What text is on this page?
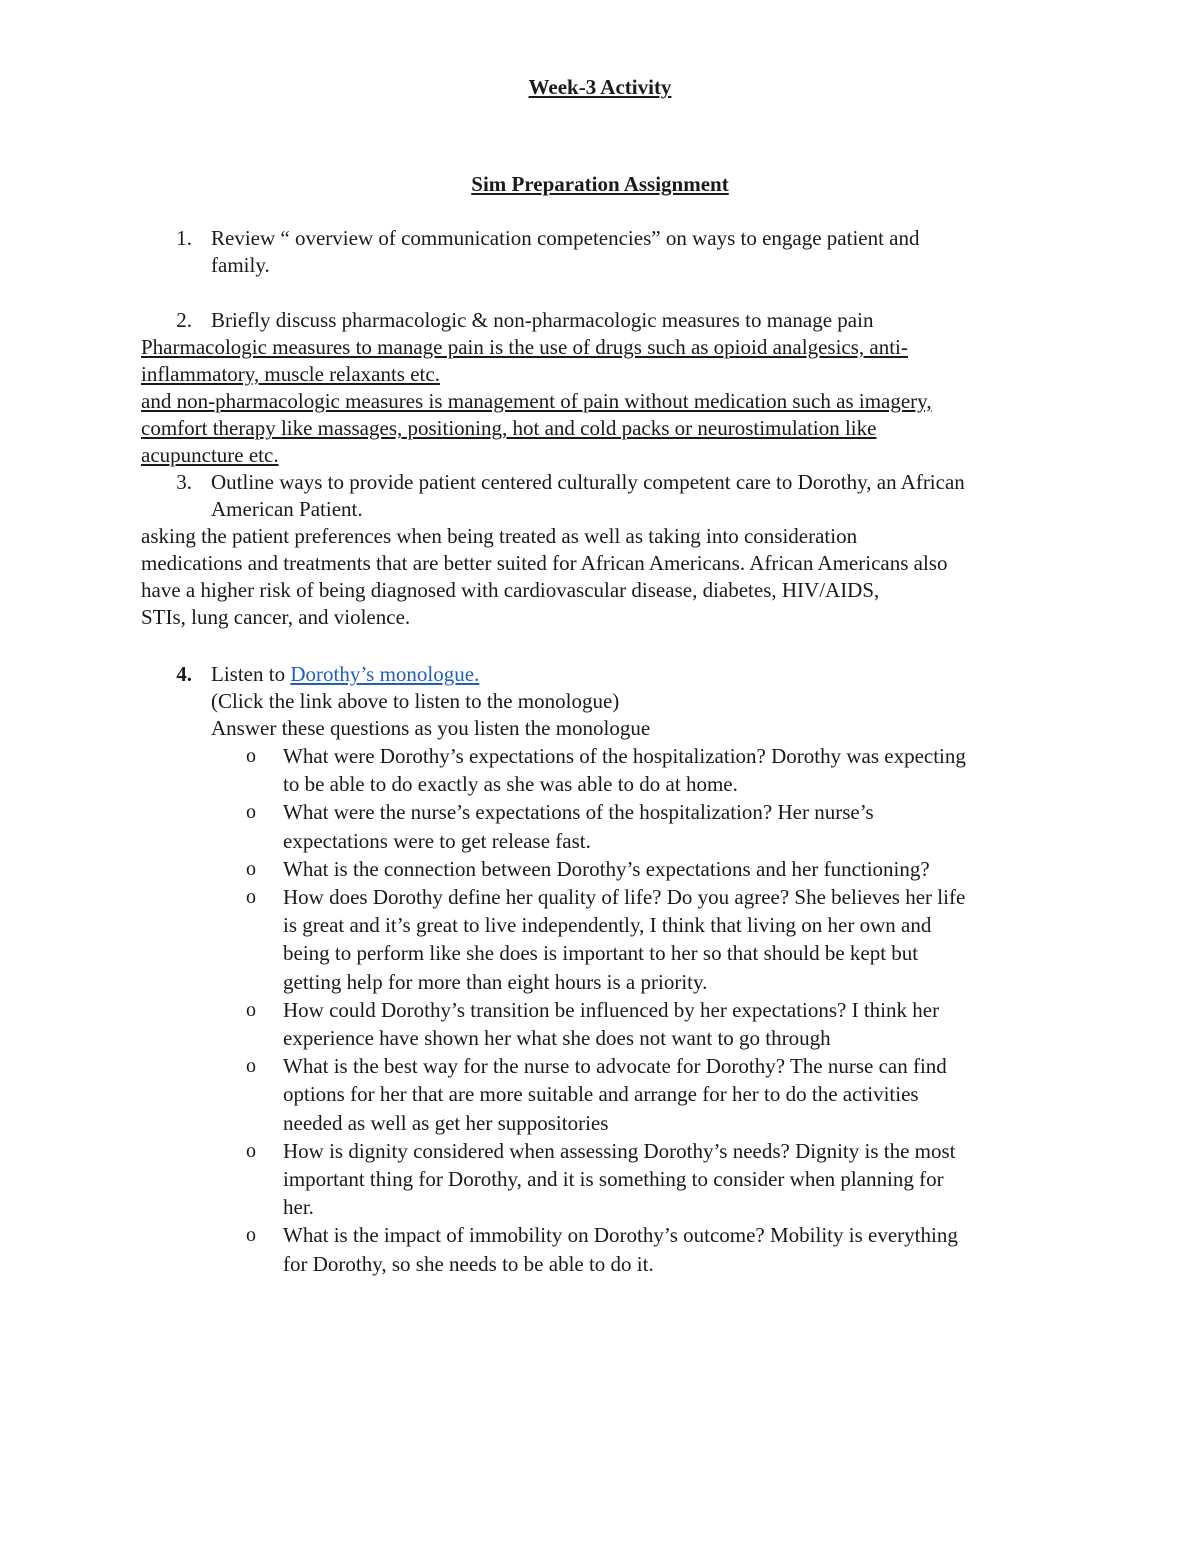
Week-3 Activity
Sim Preparation Assignment
1. Review “ overview of communication competencies” on ways to engage patient and
family.
2. Briefly discuss pharmacologic & non-pharmacologic measures to manage pain
Pharmacologic measures to manage pain is the use of drugs such as opioid analgesics, anti-
inflammatory, muscle relaxants etc.
and non-pharmacologic measures is management of pain without medication such as imagery,
comfort therapy like massages, positioning, hot and cold packs or neurostimulation like
acupuncture etc.
3. Outline ways to provide patient centered culturally competent care to Dorothy, an African
American Patient.
asking the patient preferences when being treated as well as taking into consideration
medications and treatments that are better suited for African Americans. African Americans also
have a higher risk of being diagnosed with cardiovascular disease, diabetes, HIV/AIDS,
STIs, lung cancer, and violence.
4. Listen to Dorothy’s monologue.
(Click the link above to listen to the monologue)
Answer these questions as you listen the monologue
o What were Dorothy’s expectations of the hospitalization? Dorothy was expecting
to be able to do exactly as she was able to do at home.
o What were the nurse’s expectations of the hospitalization? Her nurse’s
expectations were to get release fast.
o What is the connection between Dorothy’s expectations and her functioning?
o How does Dorothy define her quality of life? Do you agree? She believes her life
is great and it’s great to live independently, I think that living on her own and
being to perform like she does is important to her so that should be kept but
getting help for more than eight hours is a priority.
o How could Dorothy’s transition be influenced by her expectations? I think her
experience have shown her what she does not want to go through
o What is the best way for the nurse to advocate for Dorothy? The nurse can find
options for her that are more suitable and arrange for her to do the activities
needed as well as get her suppositories
o How is dignity considered when assessing Dorothy’s needs? Dignity is the most
important thing for Dorothy, and it is something to consider when planning for
her.
o What is the impact of immobility on Dorothy’s outcome? Mobility is everything
for Dorothy, so she needs to be able to do it.
